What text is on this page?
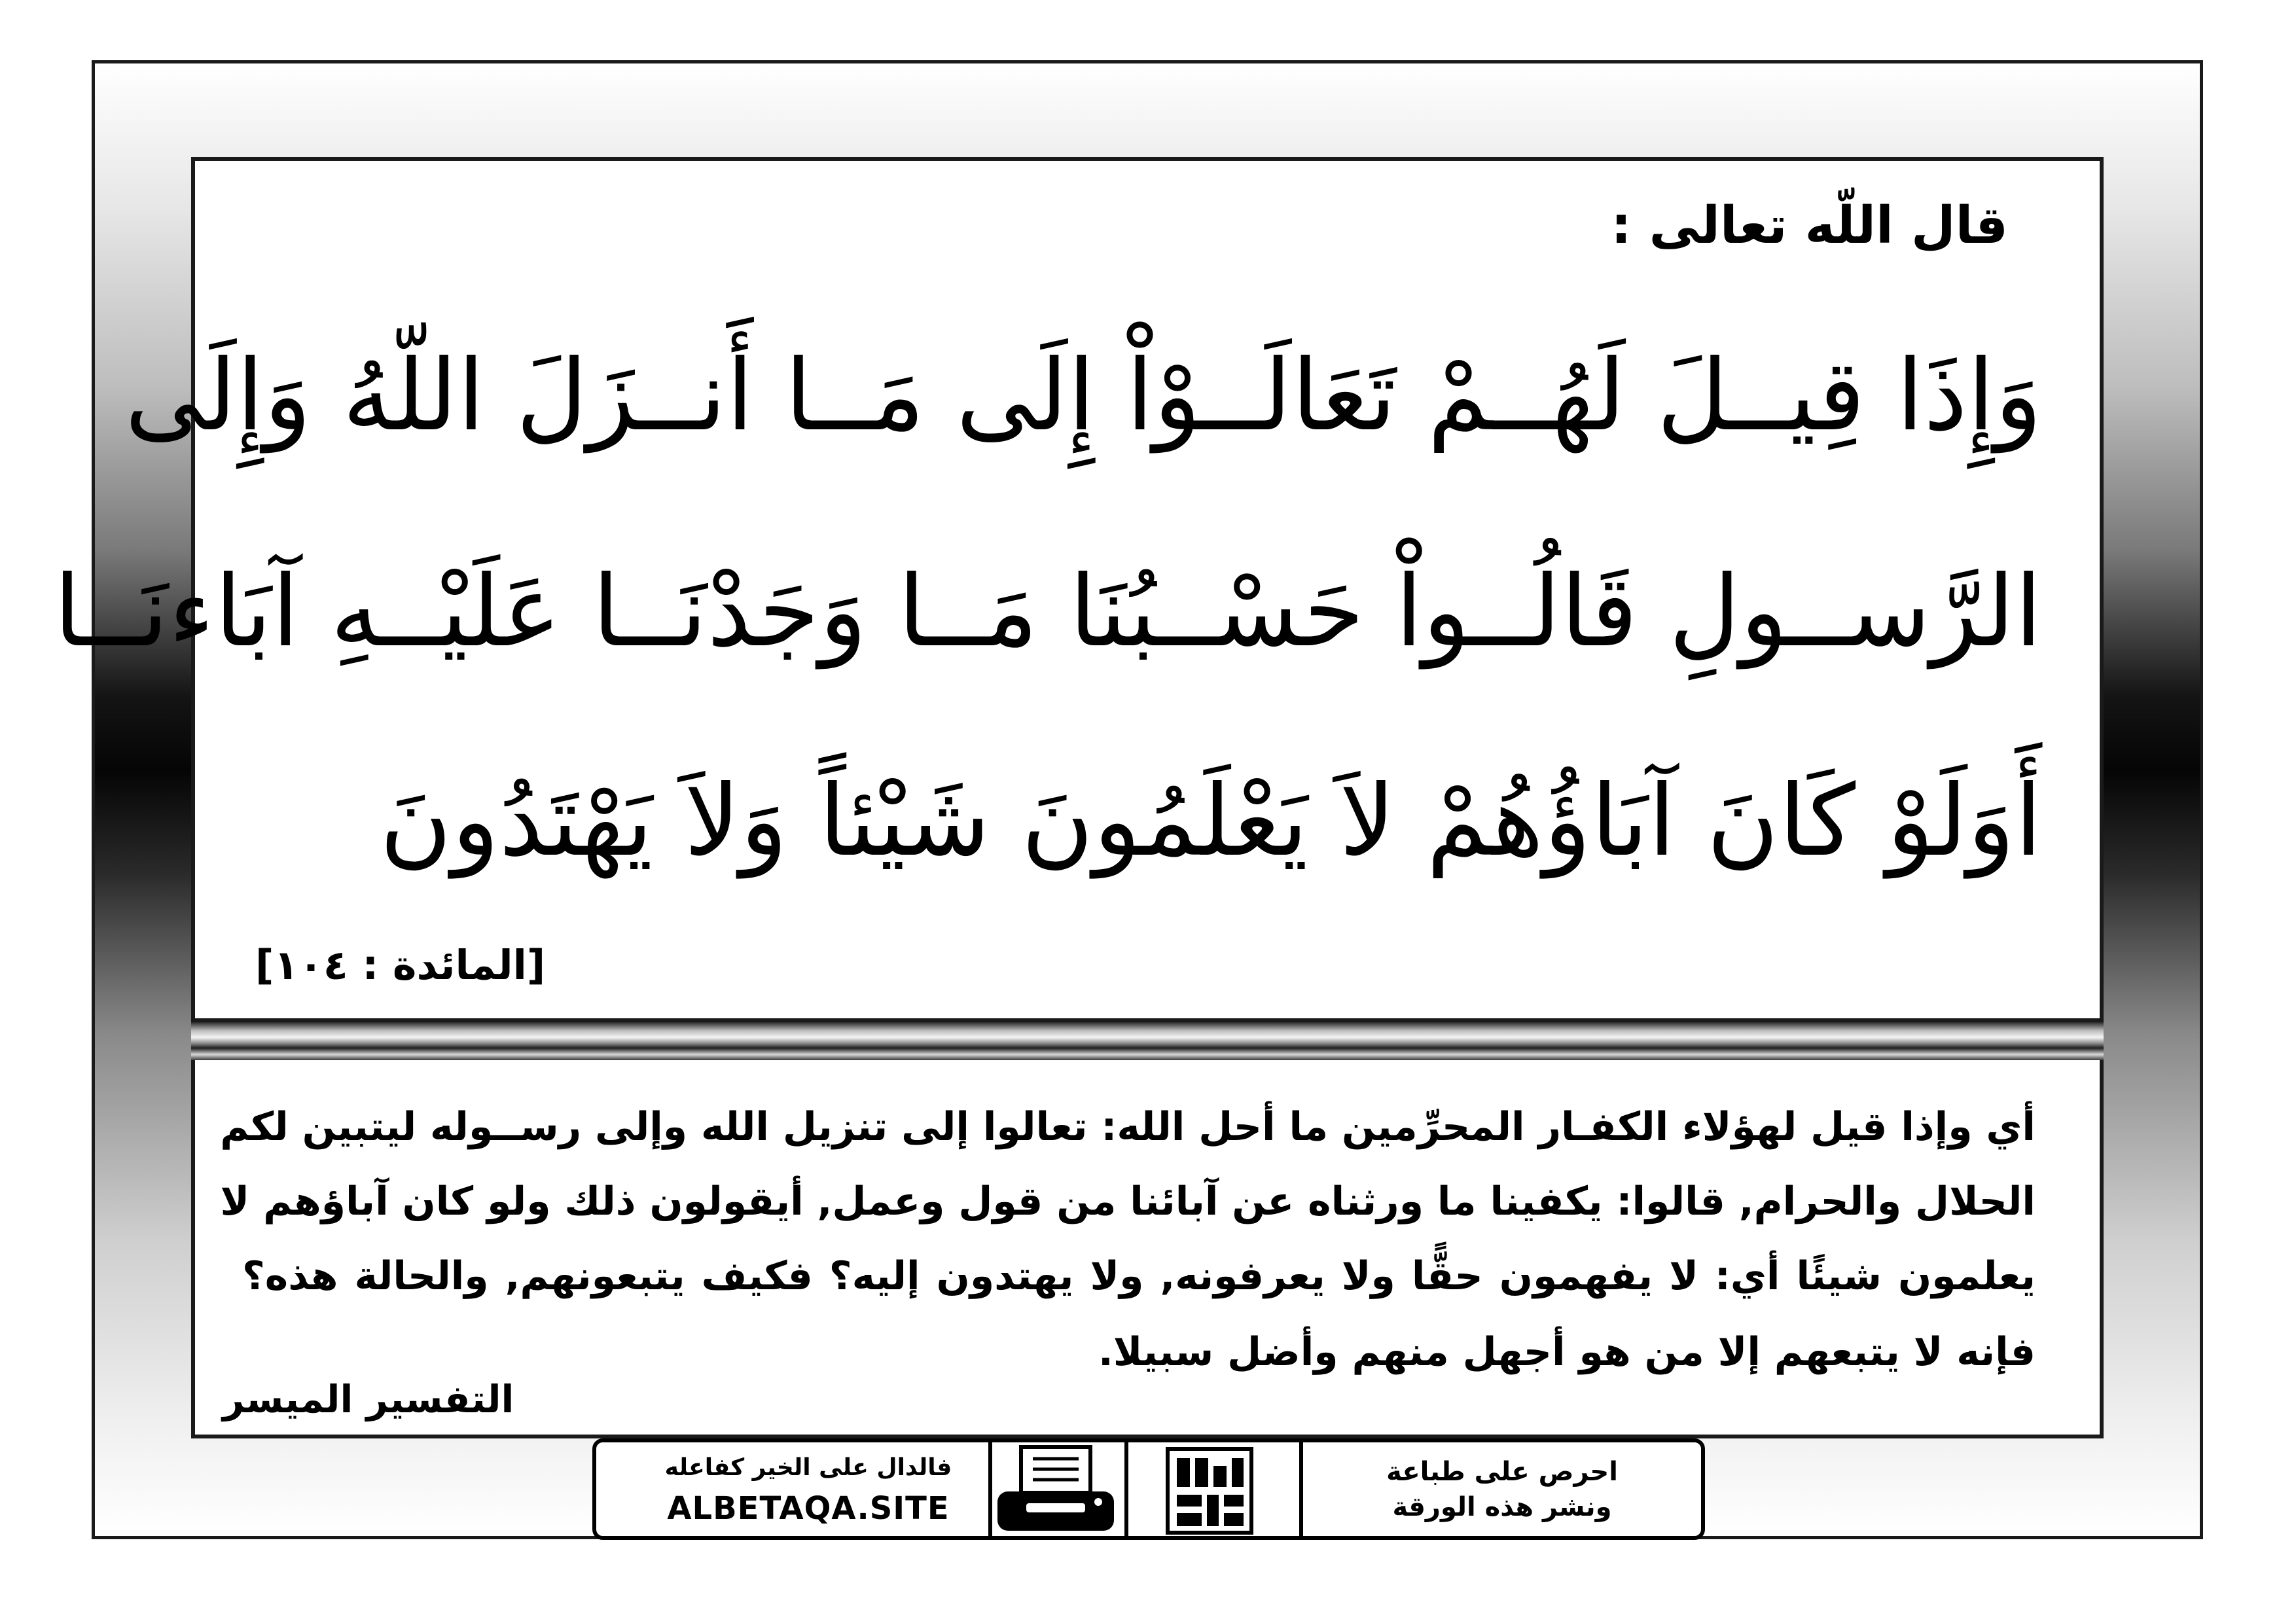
قال اللّه تعالى :
وَإِذَا قِيــلَ لَهُــمْ تَعَالَــوْاْ إِلَى مَــا أَنــزَلَ اللّهُ وَإِلَى
الرَّســولِ قَالُــواْ حَسْــبُنَا مَــا وَجَدْنَــا عَلَيْــهِ آبَاءنَــا
أَوَلَوْ كَانَ آبَاؤُهُمْ لاَ يَعْلَمُونَ شَيْئاً وَلاَ يَهْتَدُونَ
[المائدة : ١٠٤]
أي وإذا قيل لهؤلاء الكفـار المحرِّمين ما أحل الله: تعالوا إلى تنزيل الله وإلى رســوله ليتبين لكم
الحلال والحرام, قالوا: يكفينا ما ورثناه عن آبائنا من قول وعمل, أيقولون ذلك ولو كان آباؤهم لا
يعلمون شيئًا أي: لا يفهمون حقًّا ولا يعرفونه, ولا يهتدون إليه؟ فكيف يتبعونهم, والحالة هذه؟
فإنه لا يتبعهم إلا من هو أجهل منهم وأضل سبيلا.
التفسير الميسر
فالدال على الخير كفاعله
ALBETAQA.SITE
احرص على طباعة
ونشر هذه الورقة
